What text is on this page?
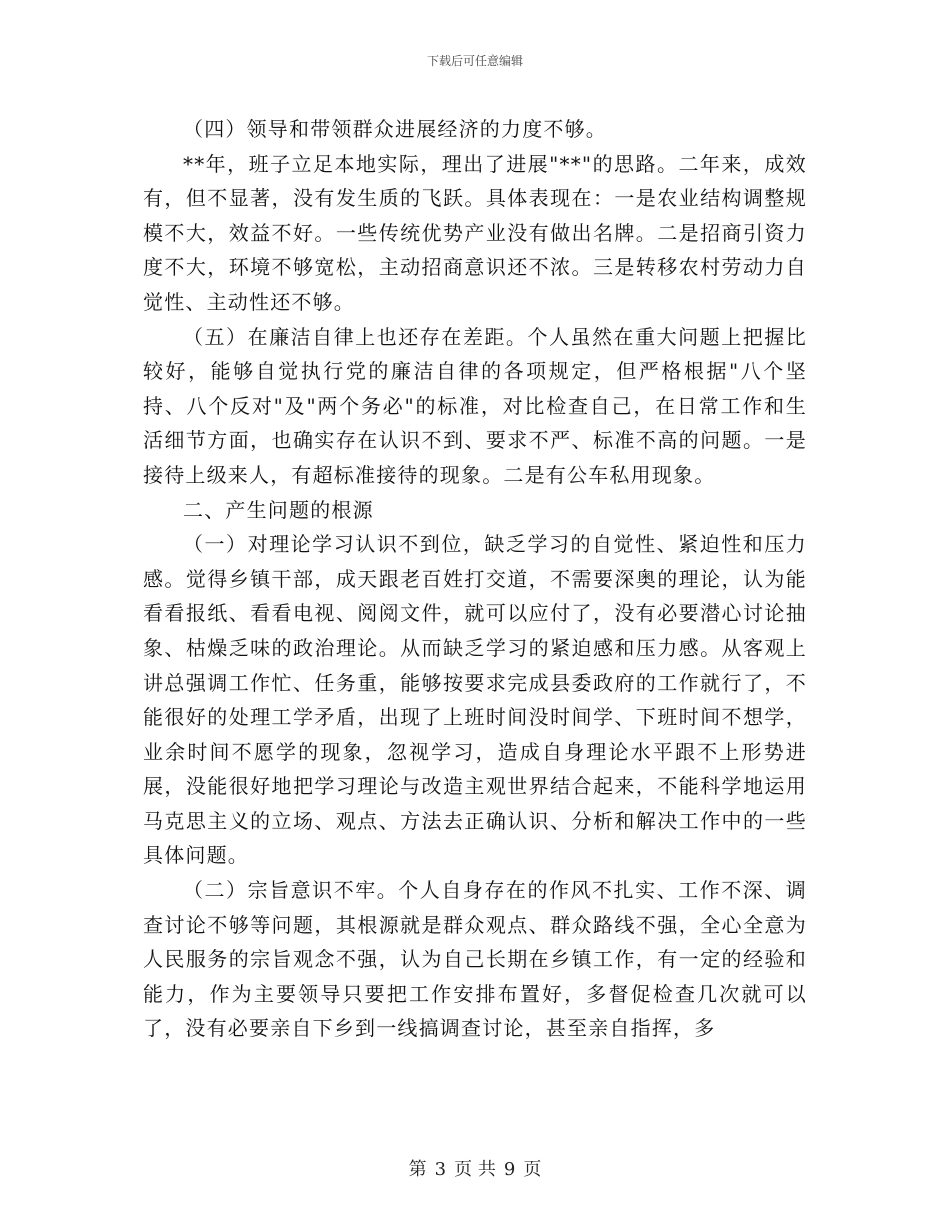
下载后可任意编辑

（四）领导和带领群众进展经济的力度不够。

**年，班子立足本地实际，理出了进展"**"的思路。二年来，成效有，但不显著，没有发生质的飞跃。具体表现在：一是农业结构调整规模不大，效益不好。一些传统优势产业没有做出名牌。二是招商引资力度不大，环境不够宽松，主动招商意识还不浓。三是转移农村劳动力自觉性、主动性还不够。

（五）在廉洁自律上也还存在差距。个人虽然在重大问题上把握比较好，能够自觉执行党的廉洁自律的各项规定，但严格根据"八个坚持、八个反对"及"两个务必"的标准，对比检查自己，在日常工作和生活细节方面，也确实存在认识不到、要求不严、标准不高的问题。一是接待上级来人，有超标准接待的现象。二是有公车私用现象。

二、产生问题的根源

（一）对理论学习认识不到位，缺乏学习的自觉性、紧迫性和压力感。觉得乡镇干部，成天跟老百姓打交道，不需要深奥的理论，认为能看看报纸、看看电视、阅阅文件，就可以应付了，没有必要潜心讨论抽象、枯燥乏味的政治理论。从而缺乏学习的紧迫感和压力感。从客观上讲总强调工作忙、任务重，能够按要求完成县委政府的工作就行了，不能很好的处理工学矛盾，出现了上班时间没时间学、下班时间不想学，业余时间不愿学的现象，忽视学习，造成自身理论水平跟不上形势进展，没能很好地把学习理论与改造主观世界结合起来，不能科学地运用马克思主义的立场、观点、方法去正确认识、分析和解决工作中的一些具体问题。

（二）宗旨意识不牢。个人自身存在的作风不扎实、工作不深、调查讨论不够等问题，其根源就是群众观点、群众路线不强，全心全意为人民服务的宗旨观念不强，认为自己长期在乡镇工作，有一定的经验和能力，作为主要领导只要把工作安排布置好，多督促检查几次就可以了，没有必要亲自下乡到一线搞调查讨论，甚至亲自指挥，多

第 3 页 共 9 页
